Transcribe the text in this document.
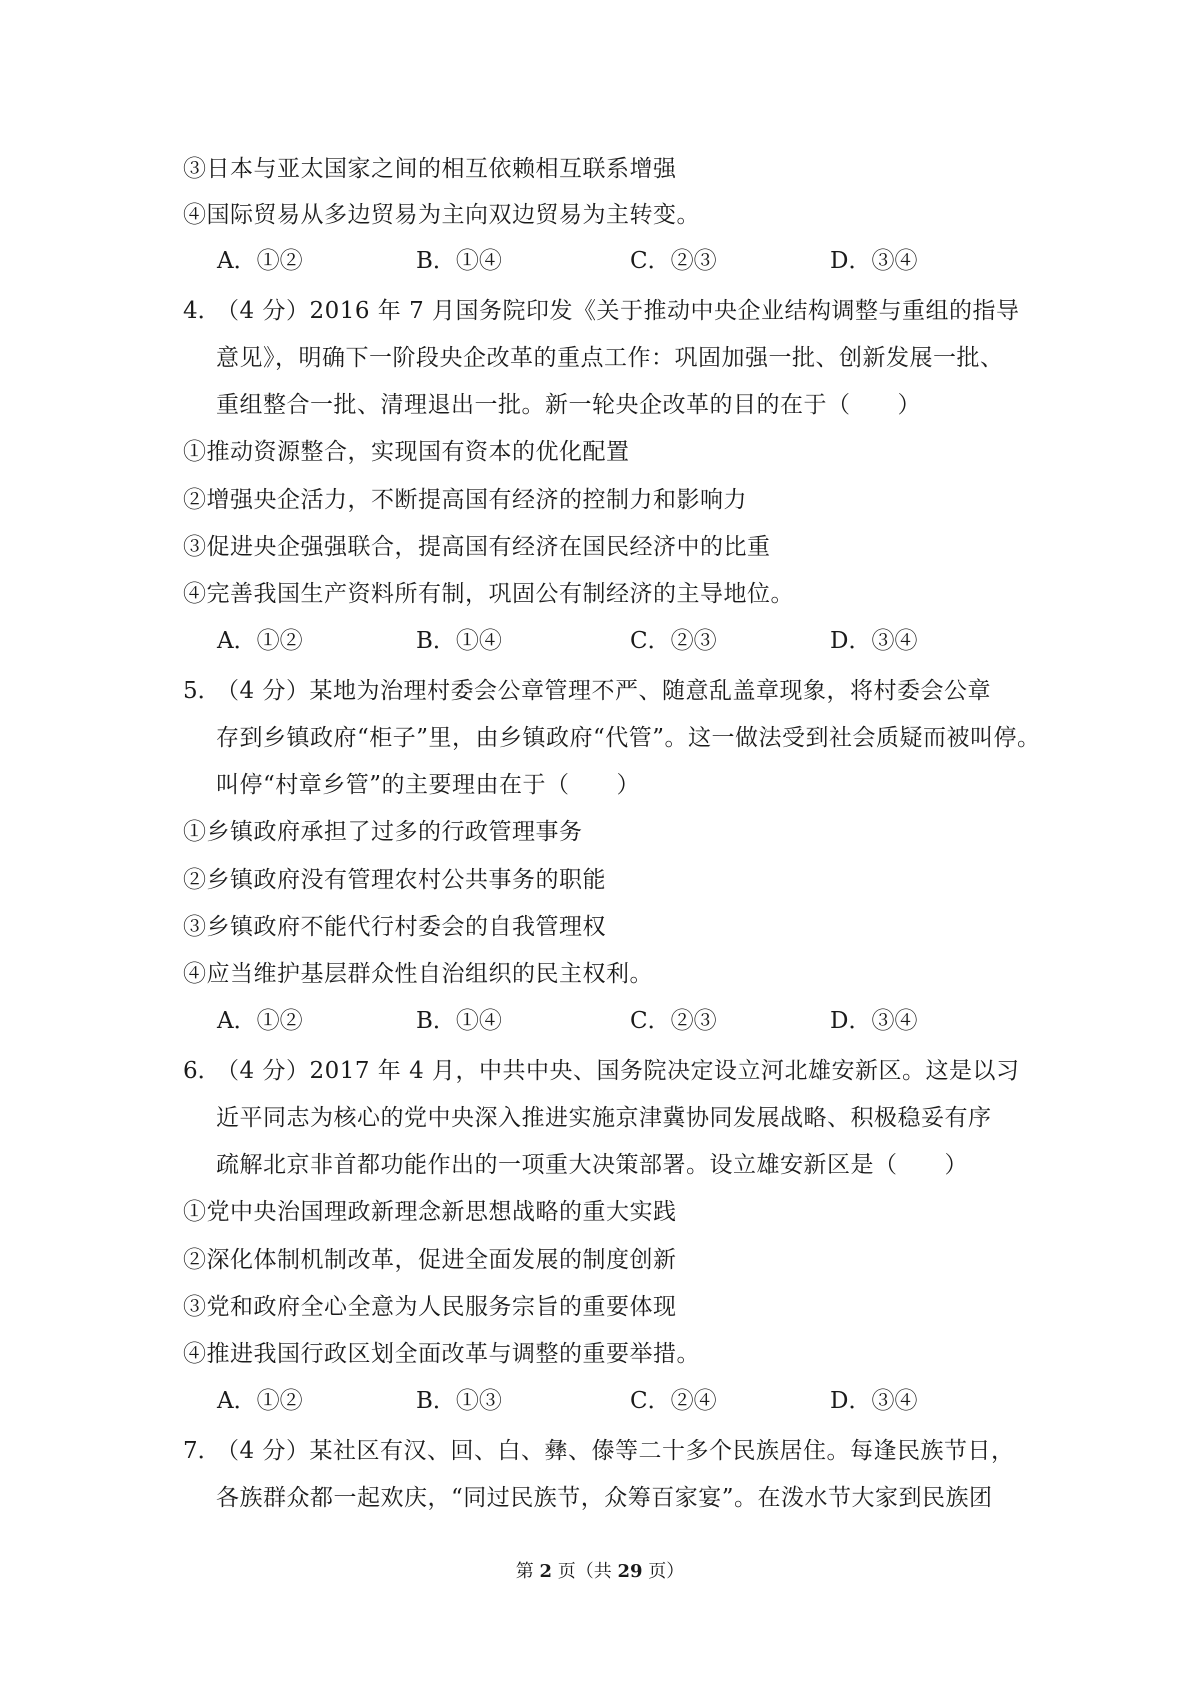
③日本与亚太国家之间的相互依赖相互联系增强
④国际贸易从多边贸易为主向双边贸易为主转变。
A．①②	B．①④	C．②③	D．③④
4．
（4 分）2016 年 7 月国务院印发《关于推动中央企业结构调整与重组的指导
意见》，明确下一阶段央企改革的重点工作：巩固加强一批、创新发展一批、
重组整合一批、清理退出一批。新一轮央企改革的目的在于（　　）
①推动资源整合，实现国有资本的优化配置
②增强央企活力，不断提高国有经济的控制力和影响力
③促进央企强强联合，提高国有经济在国民经济中的比重
④完善我国生产资料所有制，巩固公有制经济的主导地位。
A．①②	B．①④	C．②③	D．③④
5．
（4 分）某地为治理村委会公章管理不严、随意乱盖章现象，将村委会公章
存到乡镇政府“柜子”里，由乡镇政府“代管”。这一做法受到社会质疑而被叫停。
叫停“村章乡管”的主要理由在于（　　）
①乡镇政府承担了过多的行政管理事务
②乡镇政府没有管理农村公共事务的职能
③乡镇政府不能代行村委会的自我管理权
④应当维护基层群众性自治组织的民主权利。
A．①②	B．①④	C．②③	D．③④
6．
（4 分）2017 年 4 月，中共中央、国务院决定设立河北雄安新区。这是以习
近平同志为核心的党中央深入推进实施京津冀协同发展战略、积极稳妥有序
疏解北京非首都功能作出的一项重大决策部署。设立雄安新区是（　　）
①党中央治国理政新理念新思想战略的重大实践
②深化体制机制改革，促进全面发展的制度创新
③党和政府全心全意为人民服务宗旨的重要体现
④推进我国行政区划全面改革与调整的重要举措。
A．①②	B．①③	C．②④	D．③④
7．
（4 分）某社区有汉、回、白、彝、傣等二十多个民族居住。每逢民族节日，
各族群众都一起欢庆，“同过民族节，众筹百家宴”。在泼水节大家到民族团
第 2 页（共 29 页）
